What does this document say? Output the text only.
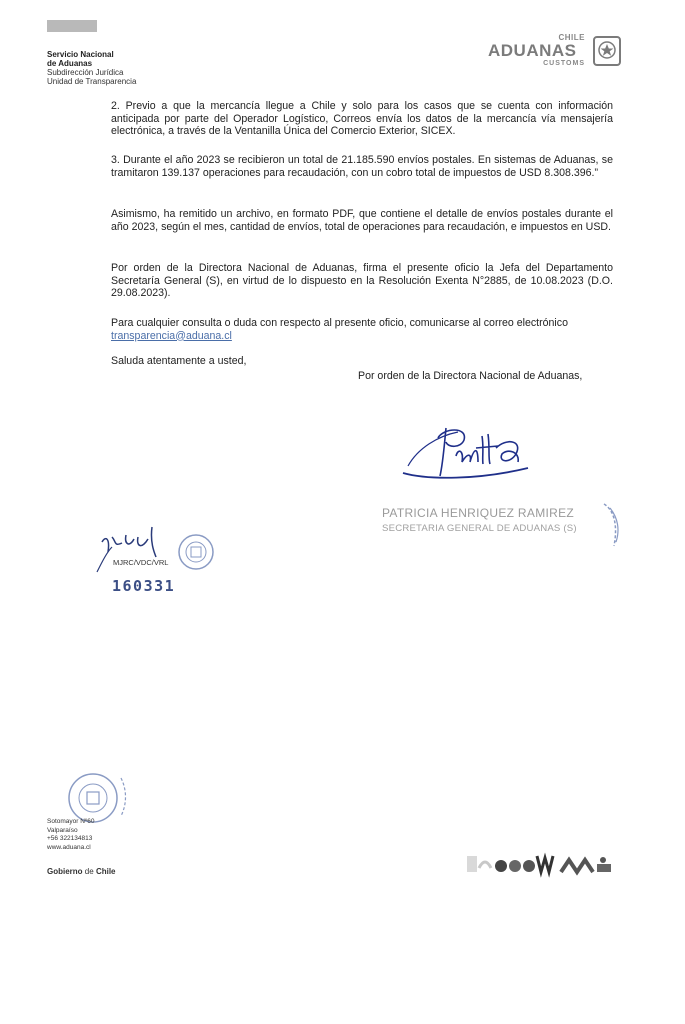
Servicio Nacional
de Aduanas
Subdirección Jurídica
Unidad de Transparencia
CHILE
ADUANAS
CUSTOMS
2. Previo a que la mercancía llegue a Chile y solo para los casos que se cuenta con información anticipada por parte del Operador Logístico, Correos envía los datos de la mercancía vía mensajería electrónica, a través de la Ventanilla Única del Comercio Exterior, SICEX.
3. Durante el año 2023 se recibieron un total de 21.185.590 envíos postales. En sistemas de Aduanas, se tramitaron 139.137 operaciones para recaudación, con un cobro total de impuestos de USD 8.308.396.”
Asimismo, ha remitido un archivo, en formato PDF, que contiene el detalle de envíos postales durante el año 2023, según el mes, cantidad de envíos, total de operaciones para recaudación, e impuestos en USD.
Por orden de la Directora Nacional de Aduanas, firma el presente oficio la Jefa del Departamento Secretaría General (S), en virtud de lo dispuesto en la Resolución Exenta N°2885, de 10.08.2023 (D.O. 29.08.2023).
Para cualquier consulta o duda con respecto al presente oficio, comunicarse al correo electrónico
transparencia@aduana.cl
Saluda atentamente a usted,
Por orden de la Directora Nacional de Aduanas,
PATRICIA HENRIQUEZ RAMIREZ
SECRETARIA GENERAL DE ADUANAS (S)
MJRC/VDC/VRL
160331
Sotomayor Nº60
Valparaíso
+56 322134813
www.aduana.cl
Gobierno de Chile
